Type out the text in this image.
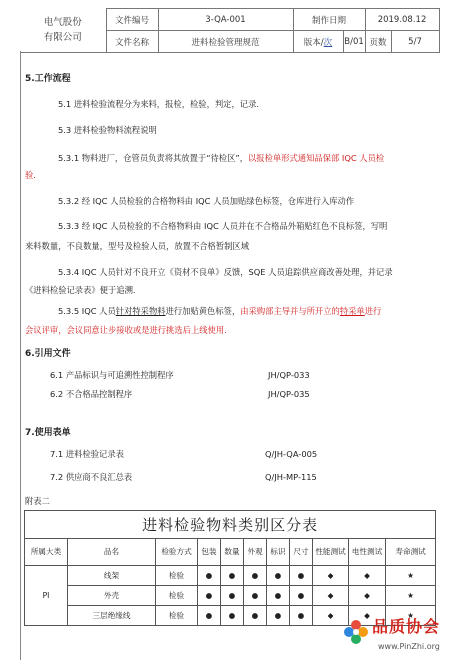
电气股份
有限公司	文件编号	3-QA-001	制作日期		2019.08.12	
	文件名称	进料检验管理规范	版本/次	B/01	页数	5/7
5.工作流程
5.1 进料检验流程分为来料，报检，检验，判定，记录.
5.3 进料检验物料流程说明
5.3.1 物料进厂，仓管员负责将其放置于“待检区”，以报检单形式通知品保部 IQC 人员检
验.
5.3.2 经 IQC 人员检验的合格物料由 IQC 人员加贴绿色标签，仓库进行入库动作
5.3.3 经 IQC 人员检验的不合格物料由 IQC 人员并在不合格品外箱贴红色不良标签，写明
来料数量，不良数量，型号及检验人员，放置不合格暂制区域
5.3.4 IQC 人员针对不良开立《资材不良单》反馈，SQE 人员追踪供应商改善处理，并记录
《进料检验记录表》便于追溯.
5.3.5 IQC 人员针对特采物料进行加贴黄色标签，由采购部主导并与所开立的特采单进行
会议评审，会议同意让步接收或是进行挑选后上线使用.
6.引用文件
6.1 产品标识与可追溯性控制程序	JH/QP-033
6.2 不合格品控制程序	JH/QP-035
7.使用表单
7.1 进料检验记录表	Q/JH-QA-005
7.2 供应商不良汇总表	Q/JH-MP-115
附表二
进料检验物料类别区分表										
所属大类	品名	检验方式	包装	数量	外观	标识	尺寸	性能测试	电性测试	寿命测试
PI	线架	检验	●	●	●	●	●	◆	◆	★
	外壳	检验	●	●	●	●	●	◆	◆	★
	三层绝缘线	检验	●	●	●	●	●	◆	◆	★
品质协会
www.PinZhi.org
